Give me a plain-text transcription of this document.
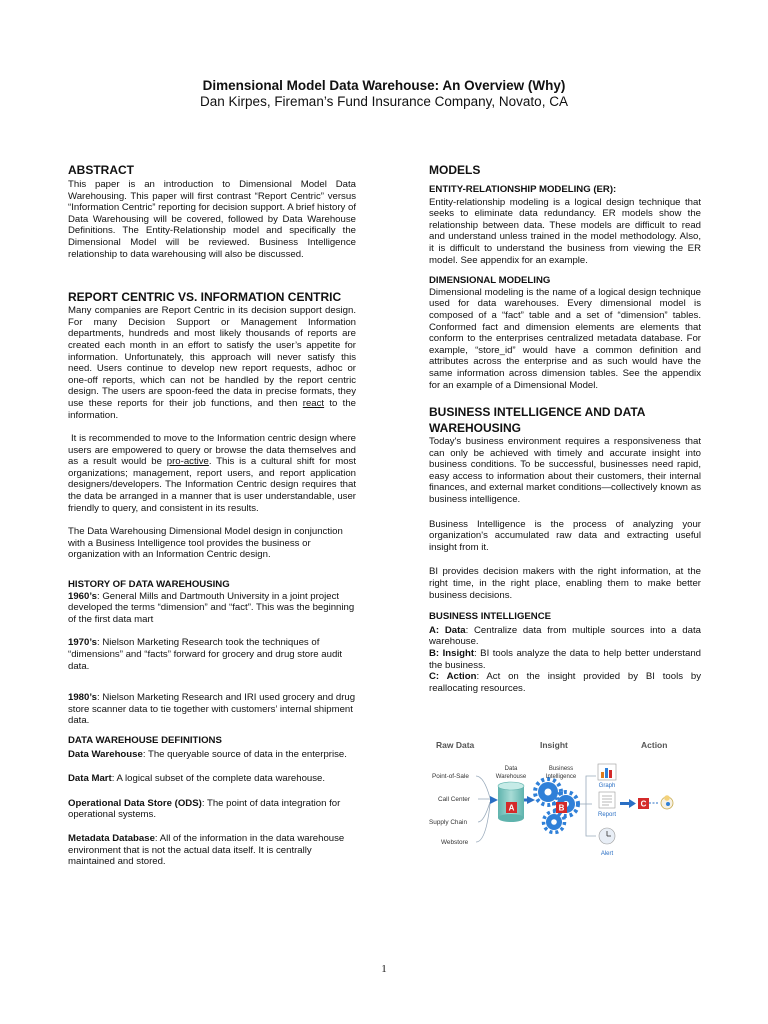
Dimensional Model Data Warehouse: An Overview (Why)
Dan Kirpes, Fireman’s Fund Insurance Company, Novato, CA
ABSTRACT

This paper is an introduction to Dimensional Model Data Warehousing. This paper will first contrast “Report Centric” versus “Information Centric” reporting for decision support. A brief history of Data Warehousing will be covered, followed by Data Warehouse Definitions. The Entity-Relationship model and specifically the Dimensional Model will be reviewed. Business Intelligence relationship to data warehousing will also be discussed.

REPORT CENTRIC VS. INFORMATION CENTRIC

Many companies are Report Centric in its decision support design. For many Decision Support or Management Information departments, hundreds and most likely thousands of reports are created each month in an effort to satisfy the user’s appetite for information. Unfortunately, this approach will never satisfy this need. Users continue to develop new report requests, adhoc or one-off reports, which can not be handled by the report centric design. The users are spoon-feed the data in precise formats, they use these reports for their job functions, and then react to the information.

It is recommended to move to the Information centric design where users are empowered to query or browse the data themselves and as a result would be pro-active. This is a cultural shift for most organizations; management, report users, and report application designers/developers. The Information Centric design requires that the data be arranged in a manner that is user understandable, user friendly to query, and consistent in its results.

The Data Warehousing Dimensional Model design in conjunction with a Business Intelligence tool provides the business or organization with an Information Centric design.

HISTORY OF DATA WAREHOUSING

1960’s: General Mills and Dartmouth University in a joint project developed the terms “dimension” and “fact”. This was the beginning of the first data mart

1970’s: Nielson Marketing Research took the techniques of “dimensions” and “facts” forward for grocery and drug store audit data.

1980’s: Nielson Marketing Research and IRI used grocery and drug store scanner data to tie together with customers’ internal shipment data.

DATA WAREHOUSE DEFINITIONS

Data Warehouse: The queryable source of data in the enterprise.

Data Mart: A logical subset of the complete data warehouse.

Operational Data Store (ODS): The point of data integration for operational systems.

Metadata Database: All of the information in the data warehouse environment that is not the actual data itself. It is centrally maintained and stored.

MODELS
ENTITY-RELATIONSHIP MODELING (ER):

Entity-relationship modeling is a logical design technique that seeks to eliminate data redundancy. ER models show the relationship between data. These models are difficult to read and understand unless trained in the model methodology. Also, it is difficult to understand the business from viewing the ER model. See appendix for an example.

DIMENSIONAL MODELING

Dimensional modeling is the name of a logical design technique used for data warehouses. Every dimensional model is composed of a “fact” table and a set of “dimension” tables. Conformed fact and dimension elements are elements that conform to the enterprises centralized metadata database. For example, “store_id” would have a common definition and attributes across the enterprise and as such would have the same information across dimension tables. See the appendix for an example of a Dimensional Model.

BUSINESS INTELLIGENCE AND DATA WAREHOUSING

Today's business environment requires a responsiveness that can only be achieved with timely and accurate insight into business conditions. To be successful, businesses need rapid, easy access to information about their customers, their internal finances, and external market conditions—collectively known as business intelligence.

Business Intelligence is the process of analyzing your organization's accumulated raw data and extracting useful insight from it.

BI provides decision makers with the right information, at the right time, in the right place, enabling them to make better business decisions.

BUSINESS INTELLIGENCE

A: Data: Centralize data from multiple sources into a data warehouse.

B: Insight: BI tools analyze the data to help better understand the business.

C: Action: Act on the insight provided by BI tools by reallocating resources.

Raw Data	Insight	Action
Point-of-Sale
Call Center
Supply Chain
Webstore
Data
Warehouse
A
Business
Intelligence
B
Graph
Report
Alert
C
1
